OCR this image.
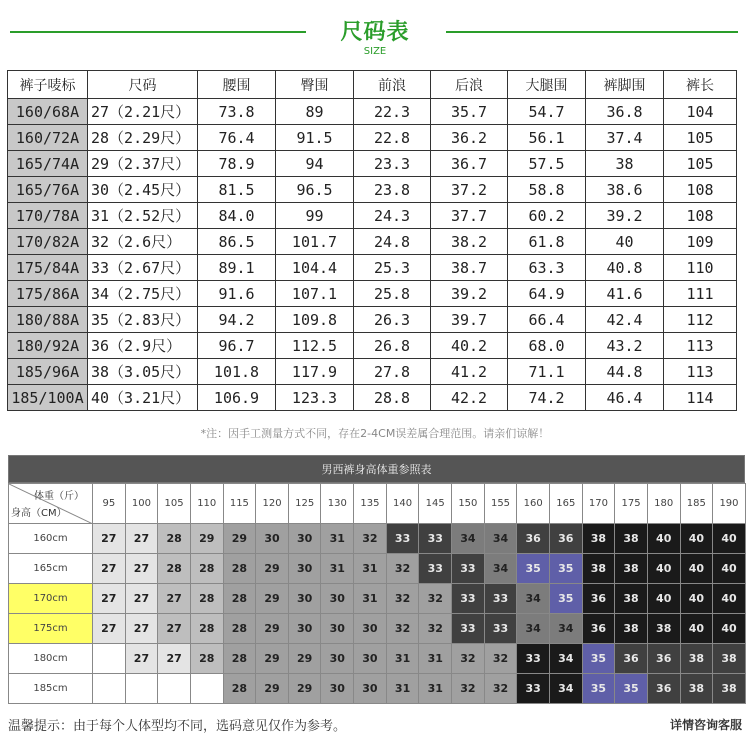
尺码表
SIZE
裤子唛标	尺码	腰围	臀围	前浪	后浪	大腿围	裤脚围	裤长
160/68A	27（2.21尺）	73.8	89	22.3	35.7	54.7	36.8	104
160/72A	28（2.29尺）	76.4	91.5	22.8	36.2	56.1	37.4	105
165/74A	29（2.37尺）	78.9	94	23.3	36.7	57.5	38	105
165/76A	30（2.45尺）	81.5	96.5	23.8	37.2	58.8	38.6	108
170/78A	31（2.52尺）	84.0	99	24.3	37.7	60.2	39.2	108
170/82A	32（2.6尺）	86.5	101.7	24.8	38.2	61.8	40	109
175/84A	33（2.67尺）	89.1	104.4	25.3	38.7	63.3	40.8	110
175/86A	34（2.75尺）	91.6	107.1	25.8	39.2	64.9	41.6	111
180/88A	35（2.83尺）	94.2	109.8	26.3	39.7	66.4	42.4	112
180/92A	36（2.9尺）	96.7	112.5	26.8	40.2	68.0	43.2	113
185/96A	38（3.05尺）	101.8	117.9	27.8	41.2	71.1	44.8	113
185/100A	40（3.21尺）	106.9	123.3	28.8	42.2	74.2	46.4	114
*注：因手工测量方式不同，存在2-4CM误差属合理范围。请亲们谅解！
男西裤身高体重参照表
体重（斤）
身高（CM）	95	100	105	110	115	120	125	130	135	140	145	150	155	160	165	170	175	180	185	190
160cm	27	27	28	29	29	30	30	31	32	33	33	34	34	36	36	38	38	40	40	40
165cm	27	27	28	28	28	29	30	31	31	32	33	33	34	35	35	38	38	40	40	40
170cm	27	27	27	28	28	29	30	30	31	32	32	33	33	34	35	36	38	40	40	40
175cm	27	27	27	28	28	29	30	30	30	32	32	33	33	34	34	36	38	38	40	40
180cm		27	27	28	28	29	29	30	30	31	31	32	32	33	34	35	36	36	38	38
185cm					28	29	29	30	30	31	31	32	32	33	34	35	35	36	38	38
温馨提示：由于每个人体型均不同，选码意见仅作为参考。	详情咨询客服
